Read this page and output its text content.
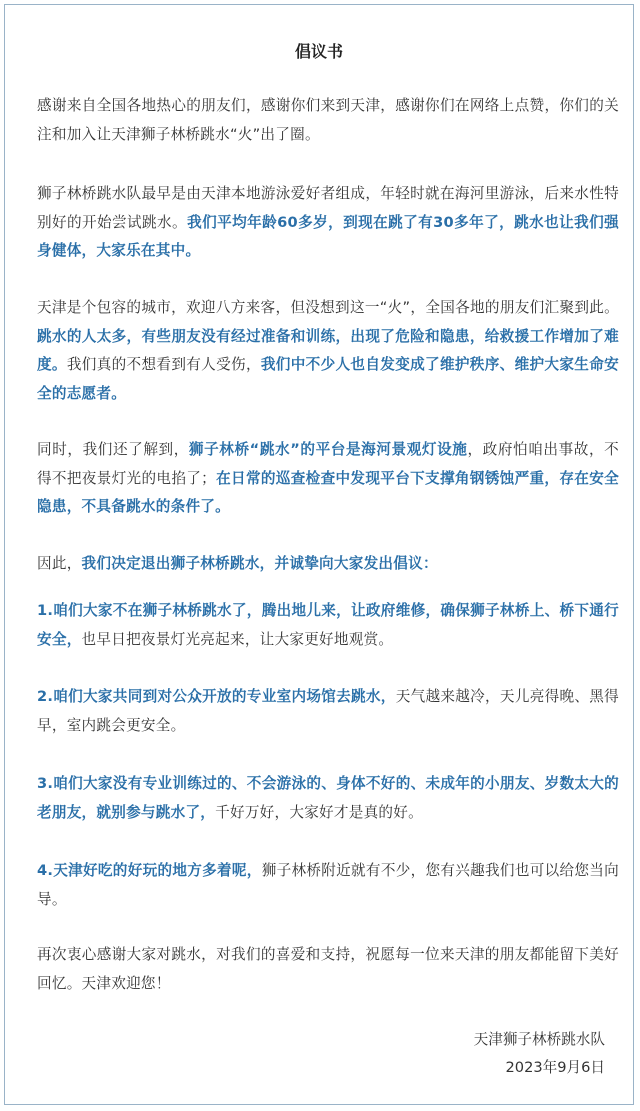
倡议书

感谢来自全国各地热心的朋友们，感谢你们来到天津，感谢你们在网络上点赞，你们的关注和加入让天津狮子林桥跳水“火”出了圈。

狮子林桥跳水队最早是由天津本地游泳爱好者组成，年轻时就在海河里游泳，后来水性特别好的开始尝试跳水。我们平均年龄60多岁，到现在跳了有30多年了，跳水也让我们强身健体，大家乐在其中。

天津是个包容的城市，欢迎八方来客，但没想到这一“火”，全国各地的朋友们汇聚到此。跳水的人太多，有些朋友没有经过准备和训练，出现了危险和隐患，给救援工作增加了难度。我们真的不想看到有人受伤，我们中不少人也自发变成了维护秩序、维护大家生命安全的志愿者。

同时，我们还了解到，狮子林桥“跳水”的平台是海河景观灯设施，政府怕咱出事故，不得不把夜景灯光的电掐了；在日常的巡查检查中发现平台下支撑角钢锈蚀严重，存在安全隐患，不具备跳水的条件了。

因此，我们决定退出狮子林桥跳水，并诚挚向大家发出倡议：

1.咱们大家不在狮子林桥跳水了，腾出地儿来，让政府维修，确保狮子林桥上、桥下通行安全，也早日把夜景灯光亮起来，让大家更好地观赏。

2.咱们大家共同到对公众开放的专业室内场馆去跳水，天气越来越冷，天儿亮得晚、黑得早，室内跳会更安全。

3.咱们大家没有专业训练过的、不会游泳的、身体不好的、未成年的小朋友、岁数太大的老朋友，就别参与跳水了，千好万好，大家好才是真的好。

4.天津好吃的好玩的地方多着呢，狮子林桥附近就有不少，您有兴趣我们也可以给您当向导。

再次衷心感谢大家对跳水，对我们的喜爱和支持，祝愿每一位来天津的朋友都能留下美好回忆。天津欢迎您！

天津狮子林桥跳水队
2023年9月6日
